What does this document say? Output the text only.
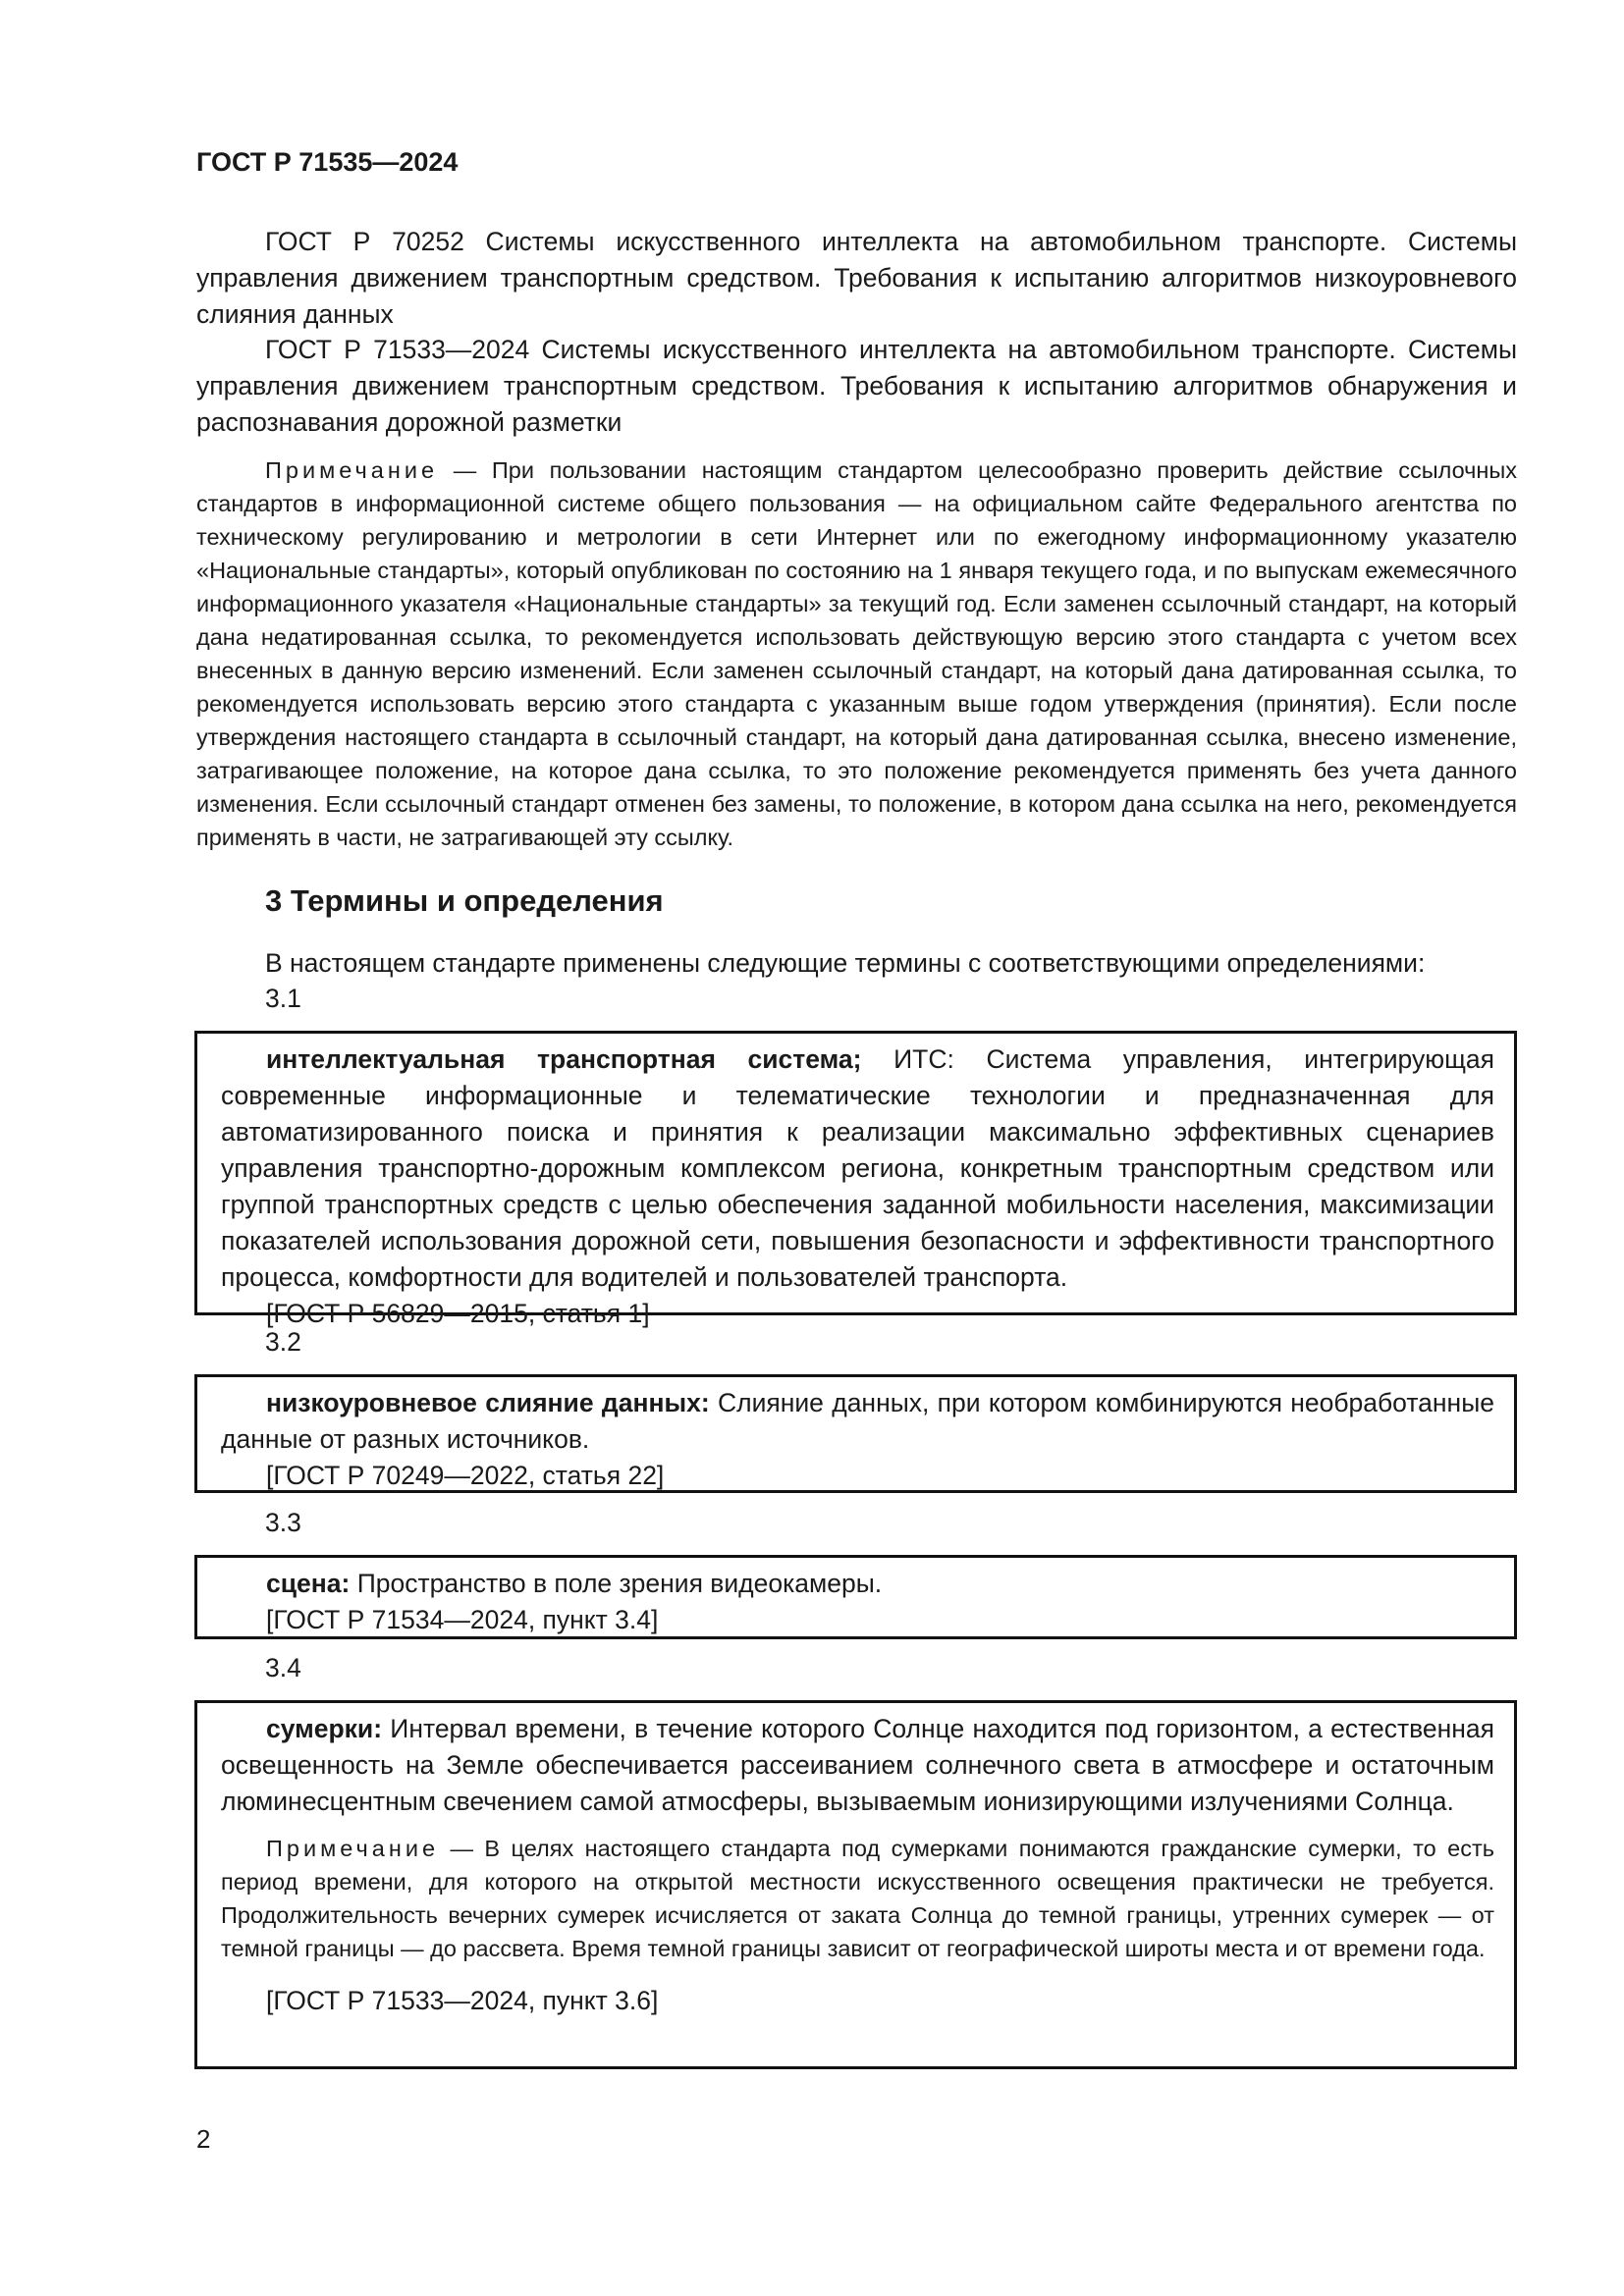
ГОСТ Р 71535—2024

ГОСТ Р 70252 Системы искусственного интеллекта на автомобильном транспорте. Системы управления движением транспортным средством. Требования к испытанию алгоритмов низкоуровневого слияния данных

ГОСТ Р 71533—2024 Системы искусственного интеллекта на автомобильном транспорте. Системы управления движением транспортным средством. Требования к испытанию алгоритмов обнаружения и распознавания дорожной разметки

Примечание — При пользовании настоящим стандартом целесообразно проверить действие ссылочных стандартов в информационной системе общего пользования — на официальном сайте Федерального агентства по техническому регулированию и метрологии в сети Интернет или по ежегодному информационному указателю «Национальные стандарты», который опубликован по состоянию на 1 января текущего года, и по выпускам ежемесячного информационного указателя «Национальные стандарты» за текущий год. Если заменен ссылочный стандарт, на который дана недатированная ссылка, то рекомендуется использовать действующую версию этого стандарта с учетом всех внесенных в данную версию изменений. Если заменен ссылочный стандарт, на который дана датированная ссылка, то рекомендуется использовать версию этого стандарта с указанным выше годом утверждения (принятия). Если после утверждения настоящего стандарта в ссылочный стандарт, на который дана датированная ссылка, внесено изменение, затрагивающее положение, на которое дана ссылка, то это положение рекомендуется применять без учета данного изменения. Если ссылочный стандарт отменен без замены, то положение, в котором дана ссылка на него, рекомендуется применять в части, не затрагивающей эту ссылку.

3 Термины и определения
В настоящем стандарте применены следующие термины с соответствующими определениями:
3.1

интеллектуальная транспортная система; ИТС: Система управления, интегрирующая современные информационные и телематические технологии и предназначенная для автоматизированного поиска и принятия к реализации максимально эффективных сценариев управления транспортно-дорожным комплексом региона, конкретным транспортным средством или группой транспортных средств с целью обеспечения заданной мобильности населения, максимизации показателей использования дорожной сети, повышения безопасности и эффективности транспортного процесса, комфортности для водителей и пользователей транспорта.

[ГОСТ Р 56829—2015, статья 1]
3.2

низкоуровневое слияние данных: Слияние данных, при котором комбинируются необработанные данные от разных источников.

[ГОСТ Р 70249—2022, статья 22]
3.3

сцена: Пространство в поле зрения видеокамеры.

[ГОСТ Р 71534—2024, пункт 3.4]
3.4

сумерки: Интервал времени, в течение которого Солнце находится под горизонтом, а естественная освещенность на Земле обеспечивается рассеиванием солнечного света в атмосфере и остаточным люминесцентным свечением самой атмосферы, вызываемым ионизирующими излучениями Солнца.

Примечание — В целях настоящего стандарта под сумерками понимаются гражданские сумерки, то есть период времени, для которого на открытой местности искусственного освещения практически не требуется. Продолжительность вечерних сумерек исчисляется от заката Солнца до темной границы, утренних сумерек — от темной границы — до рассвета. Время темной границы зависит от географической широты места и от времени года.

[ГОСТ Р 71533—2024, пункт 3.6]
2
